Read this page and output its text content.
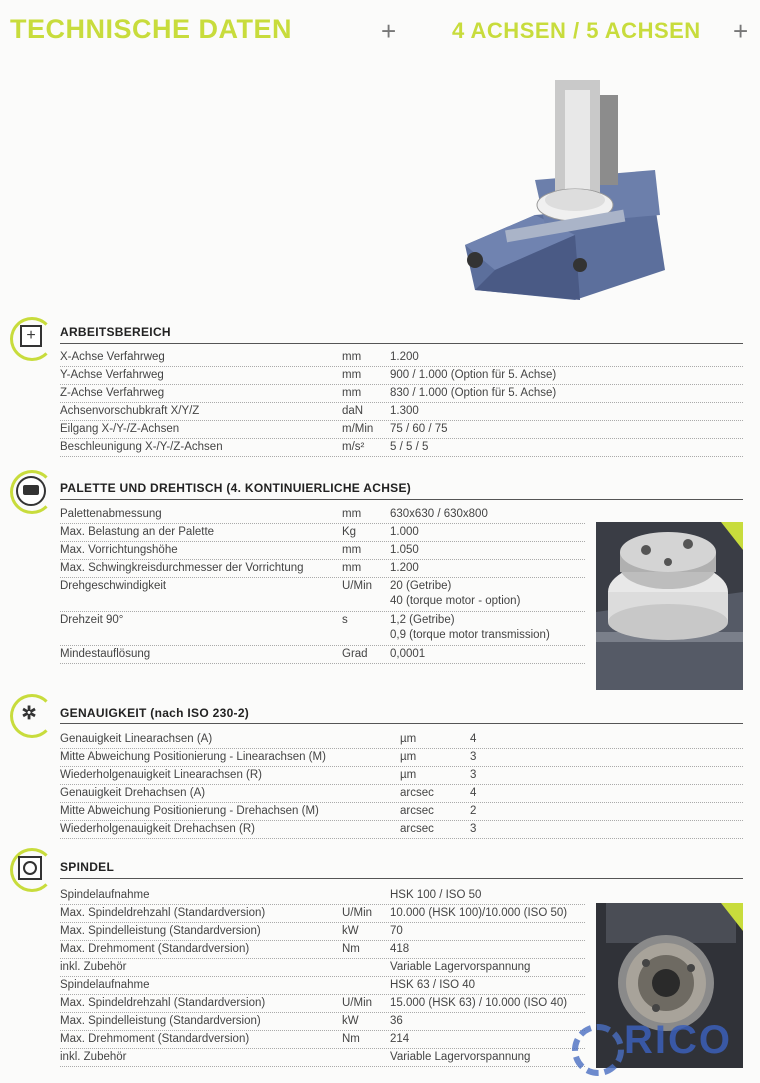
TECHNISCHE DATEN	+	4 ACHSEN / 5 ACHSEN +
+	ARBEITSBEREICH
X-Achse Verfahrweg	mm	1.200
Y-Achse Verfahrweg	mm	900 / 1.000 (Option für 5. Achse)
Z-Achse Verfahrweg	mm	830 / 1.000 (Option für 5. Achse)
Achsenvorschubkraft X/Y/Z	daN 1.300
Eilgang X-/Y-/Z-Achsen	m/Min 75 / 60 / 75
Beschleunigung X-/Y-/Z-Achsen	m/s² 5 / 5 / 5
PALETTE UND DREHTISCH (4. KONTINUIERLICHE ACHSE)
Palettenabmessung	mm	630x630 / 630x800
Max. Belastung an der Palette	Kg	1.000
Max. Vorrichtungshöhe	mm	1.050
Max. Schwingkreisdurchmesser der Vorrichtung	mm	1.200
Drehgeschwindigkeit	U/Min 20 (Getribe)
40 (torque motor - option)
Drehzeit 90°	s	1,2 (Getribe)
0,9 (torque motor transmission)
Mindestauflösung	Grad 0,0001
✲ GENAUIGKEIT (nach ISO 230-2)
Genauigkeit Linearachsen (A)	µm	4
Mitte Abweichung Positionierung - Linearachsen (M)	µm	3
Wiederholgenauigkeit Linearachsen (R)	µm	3
Genauigkeit Drehachsen (A)	arcsec	4
Mitte Abweichung Positionierung - Drehachsen (M)	arcsec	2
Wiederholgenauigkeit Drehachsen (R)	arcsec	3
SPINDEL
Spindelaufnahme	HSK 100 / ISO 50
Max. Spindeldrehzahl (Standardversion)	U/Min 10.000 (HSK 100)/10.000 (ISO 50)
Max. Spindelleistung (Standardversion)	kW	70
Max. Drehmoment (Standardversion)	Nm	418
inkl. Zubehör	Variable Lagervorspannung
Spindelaufnahme	HSK 63 / ISO 40
Max. Spindeldrehzahl (Standardversion)	U/Min 15.000 (HSK 63) / 10.000 (ISO 40)
Max. Spindelleistung (Standardversion)	kW	36
Max. Drehmoment (Standardversion)	Nm	214
inkl. Zubehör	Variable Lagervorspannung RICO
